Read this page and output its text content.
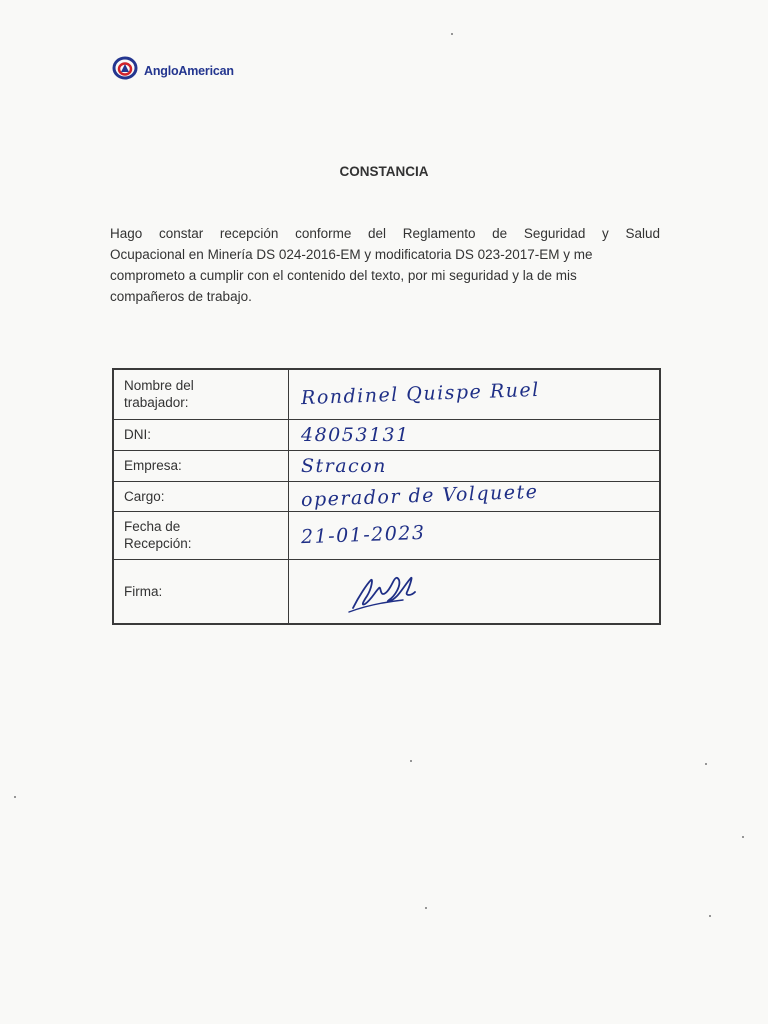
AngloAmerican
CONSTANCIA
Hago constar recepción conforme del Reglamento de Seguridad y Salud
Ocupacional en Minería DS 024-2016-EM y modificatoria DS 023-2017-EM y me
comprometo a cumplir con el contenido del texto, por mi seguridad y la de mis
compañeros de trabajo.
Nombre del
trabajador:	Rondinel Quispe Ruel
DNI:	48053131
Empresa:	Stracon
Cargo:	operador de Volquete
Fecha de
Recepción:	21-01-2023
Firma:	
